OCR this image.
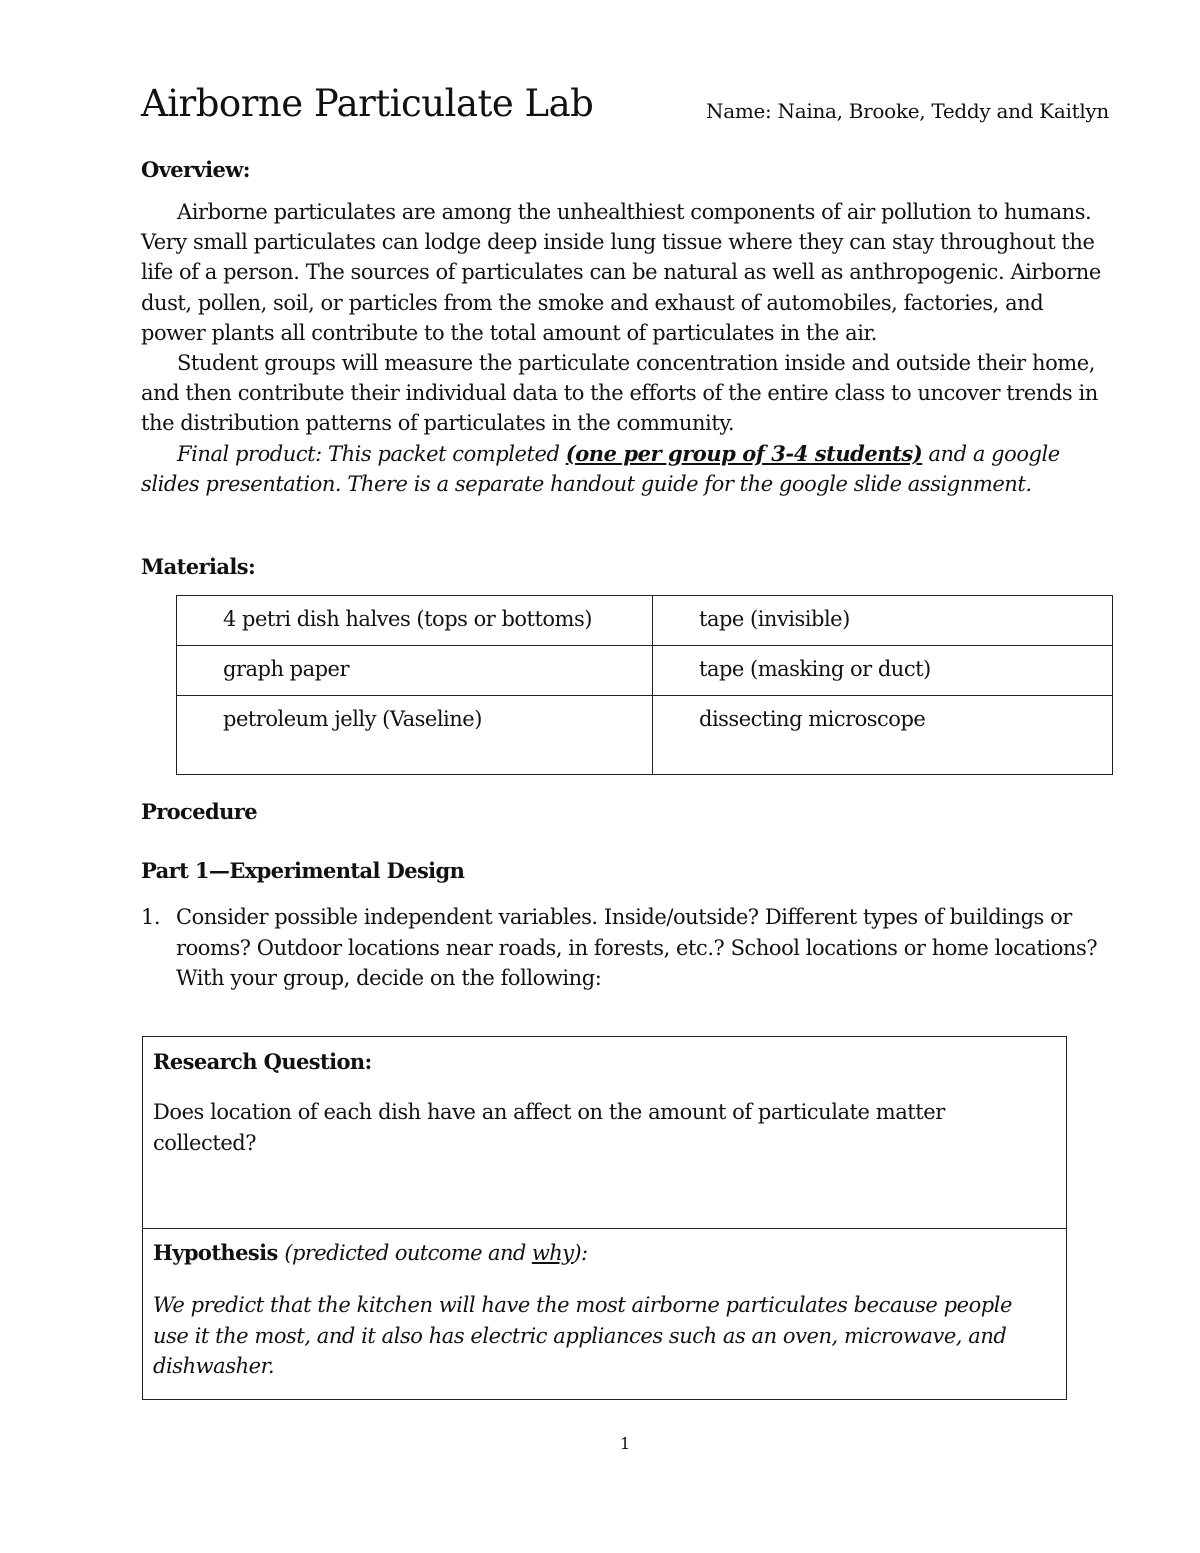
Airborne Particulate Lab	Name: Naina, Brooke, Teddy and Kaitlyn
Overview:

Airborne particulates are among the unhealthiest components of air pollution to humans. Very small particulates can lodge deep inside lung tissue where they can stay throughout the life of a person. The sources of particulates can be natural as well as anthropogenic. Airborne dust, pollen, soil, or particles from the smoke and exhaust of automobiles, factories, and power plants all contribute to the total amount of particulates in the air.

Student groups will measure the particulate concentration inside and outside their home, and then contribute their individual data to the efforts of the entire class to uncover trends in the distribution patterns of particulates in the community.

Final product: This packet completed (one per group of 3-4 students) and a google slides presentation. There is a separate handout guide for the google slide assignment.

Materials:
4 petri dish halves (tops or bottoms)	tape (invisible)
graph paper	tape (masking or duct)
petroleum jelly (Vaseline)	dissecting microscope
Procedure
Part 1—Experimental Design
1. Consider possible independent variables. Inside/outside? Different types of buildings or rooms? Outdoor locations near roads, in forests, etc.? School locations or home locations? With your group, decide on the following:
Research Question:
Does location of each dish have an affect on the amount of particulate matter collected?
Hypothesis (predicted outcome and why):
We predict that the kitchen will have the most airborne particulates because people use it the most, and it also has electric appliances such as an oven, microwave, and dishwasher.
1
